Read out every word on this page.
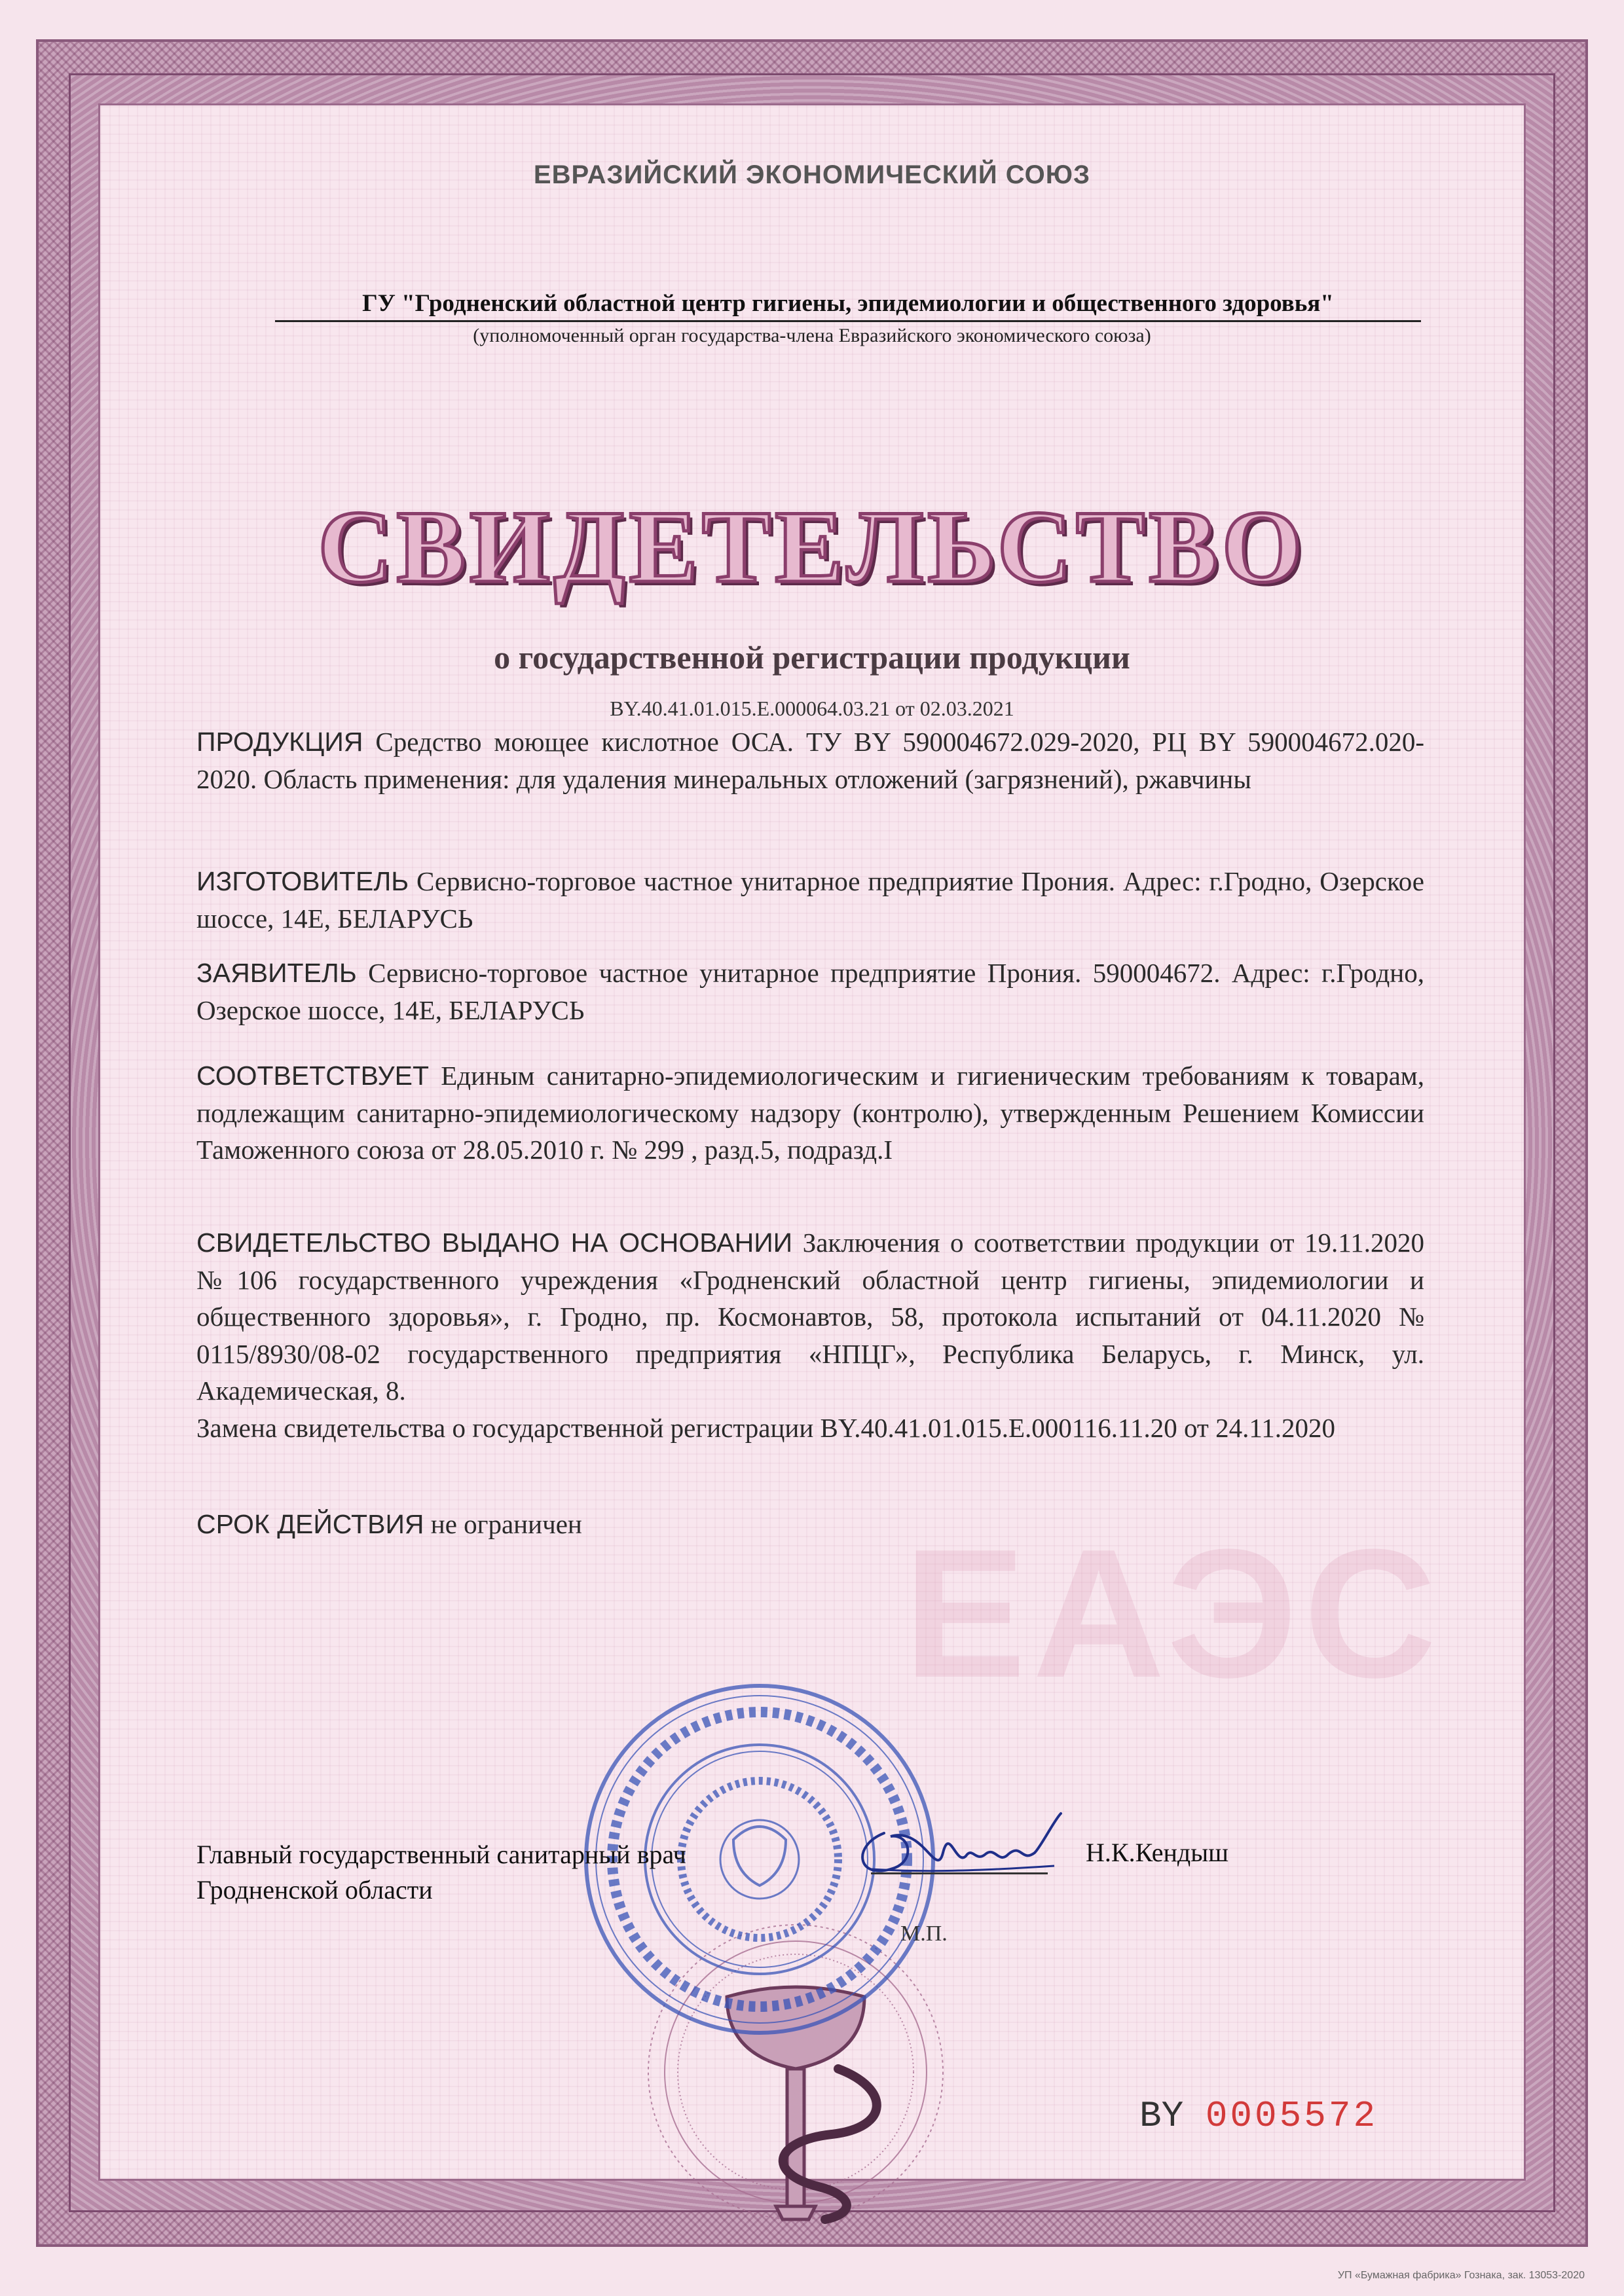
ЕАЭС
ЕВРАЗИЙСКИЙ ЭКОНОМИЧЕСКИЙ СОЮЗ
ГУ "Гродненский областной центр гигиены, эпидемиологии и общественного здоровья"
(уполномоченный орган государства-члена Евразийского экономического союза)
СВИДЕТЕЛЬСТВО
о государственной регистрации продукции
BY.40.41.01.015.E.000064.03.21 от 02.03.2021
ПРОДУКЦИЯ Средство моющее кислотное ОСА. ТУ BY 590004672.029-2020, РЦ BY 590004672.020-2020. Область применения: для удаления минеральных отложений (загрязнений), ржавчины
ИЗГОТОВИТЕЛЬ Сервисно-торговое частное унитарное предприятие Прония. Адрес: г.Гродно, Озерское шоссе, 14Е, БЕЛАРУСЬ
ЗАЯВИТЕЛЬ Сервисно-торговое частное унитарное предприятие Прония. 590004672. Адрес: г.Гродно, Озерское шоссе, 14Е, БЕЛАРУСЬ
СООТВЕТСТВУЕТ Единым санитарно-эпидемиологическим и гигиеническим требованиям к товарам, подлежащим санитарно-эпидемиологическому надзору (контролю), утвержденным Решением Комиссии Таможенного союза от 28.05.2010 г. № 299 , разд.5, подразд.I
СВИДЕТЕЛЬСТВО ВЫДАНО НА ОСНОВАНИИ Заключения о соответствии продукции от 19.11.2020 №106 государственного учреждения «Гродненский областной центр гигиены, эпидемиологии и общественного здоровья», г. Гродно, пр. Космонавтов, 58, протокола испытаний от 04.11.2020 № 0115/8930/08-02 государственного предприятия «НПЦГ», Республика Беларусь, г. Минск, ул. Академическая, 8.
Замена свидетельства о государственной регистрации BY.40.41.01.015.E.000116.11.20 от 24.11.2020
СРОК ДЕЙСТВИЯ не ограничен
Главный государственный санитарный врач
Гродненской области
Н.К.Кендыш
М.П.
BY 0005572
УП «Бумажная фабрика» Гознака, зак. 13053-2020
